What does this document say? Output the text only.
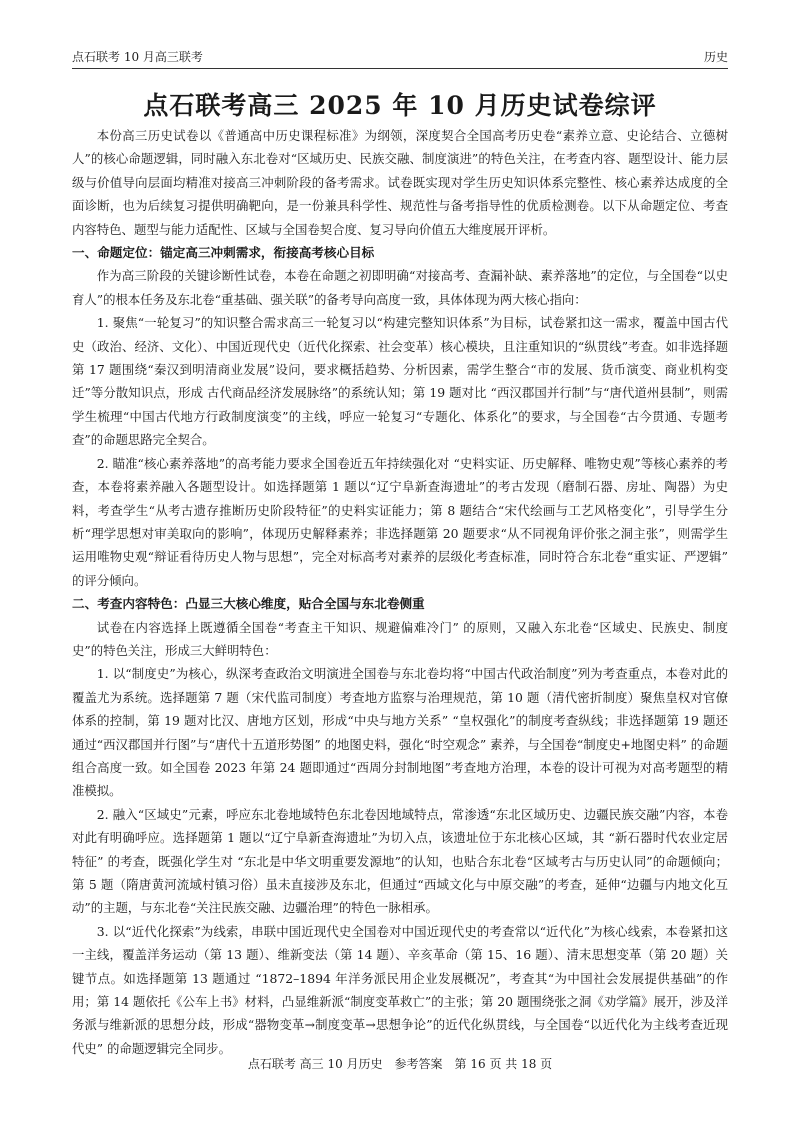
点石联考 10 月高三联考	历史
点石联考高三 2025 年 10 月历史试卷综评

本份高三历史试卷以《普通高中历史课程标准》为纲领，深度契合全国高考历史卷“素养立意、史论结合、立德树人”的核心命题逻辑，同时融入东北卷对“区域历史、民族交融、制度演进”的特色关注，在考查内容、题型设计、能力层级与价值导向层面均精准对接高三冲刺阶段的备考需求。试卷既实现对学生历史知识体系完整性、核心素养达成度的全面诊断，也为后续复习提供明确靶向，是一份兼具科学性、规范性与备考指导性的优质检测卷。以下从命题定位、考查内容特色、题型与能力适配性、区域与全国卷契合度、复习导向价值五大维度展开评析。

一、命题定位：锚定高三冲刺需求，衔接高考核心目标

作为高三阶段的关键诊断性试卷，本卷在命题之初即明确“对接高考、查漏补缺、素养落地”的定位，与全国卷“以史育人”的根本任务及东北卷“重基础、强关联”的备考导向高度一致，具体体现为两大核心指向：

1. 聚焦“一轮复习”的知识整合需求高三一轮复习以“构建完整知识体系”为目标，试卷紧扣这一需求，覆盖中国古代史（政治、经济、文化）、中国近现代史（近代化探索、社会变革）核心模块，且注重知识的“纵贯线”考查。如非选择题第 17 题围绕“秦汉到明清商业发展”设问，要求概括趋势、分析因素，需学生整合“市的发展、货币演变、商业机构变迁”等分散知识点，形成 古代商品经济发展脉络”的系统认知；第 19 题对比 “西汉郡国并行制”与“唐代道州县制”，则需学生梳理“中国古代地方行政制度演变”的主线，呼应一轮复习“专题化、体系化”的要求，与全国卷“古今贯通、专题考查”的命题思路完全契合。

2. 瞄准“核心素养落地”的高考能力要求全国卷近五年持续强化对 “史料实证、历史解释、唯物史观”等核心素养的考查，本卷将素养融入各题型设计。如选择题第 1 题以“辽宁阜新查海遗址”的考古发现（磨制石器、房址、陶器）为史料，考查学生“从考古遗存推断历史阶段特征”的史料实证能力；第 8 题结合“宋代绘画与工艺风格变化”，引导学生分析“理学思想对审美取向的影响”，体现历史解释素养；非选择题第 20 题要求“从不同视角评价张之洞主张”，则需学生运用唯物史观“辩证看待历史人物与思想”，完全对标高考对素养的层级化考查标准，同时符合东北卷“重实证、严逻辑” 的评分倾向。

二、考查内容特色：凸显三大核心维度，贴合全国与东北卷侧重

试卷在内容选择上既遵循全国卷“考查主干知识、规避偏难冷门” 的原则，又融入东北卷“区域史、民族史、制度史”的特色关注，形成三大鲜明特色：

1. 以“制度史”为核心，纵深考查政治文明演进全国卷与东北卷均将“中国古代政治制度”列为考查重点，本卷对此的覆盖尤为系统。选择题第 7 题（宋代监司制度）考查地方监察与治理规范，第 10 题（清代密折制度）聚焦皇权对官僚体系的控制，第 19 题对比汉、唐地方区划，形成“中央与地方关系” “皇权强化”的制度考查纵线；非选择题第 19 题还通过“西汉郡国并行图”与“唐代十五道形势图” 的地图史料，强化“时空观念” 素养，与全国卷“制度史+地图史料” 的命题组合高度一致。如全国卷 2023 年第 24 题即通过“西周分封制地图”考查地方治理，本卷的设计可视为对高考题型的精准模拟。

2. 融入“区域史”元素，呼应东北卷地域特色东北卷因地域特点，常渗透“东北区域历史、边疆民族交融”内容，本卷对此有明确呼应。选择题第 1 题以“辽宁阜新查海遗址”为切入点，该遗址位于东北核心区域，其 “新石器时代农业定居特征” 的考查，既强化学生对 “东北是中华文明重要发源地”的认知，也贴合东北卷“区域考古与历史认同”的命题倾向；第 5 题（隋唐黄河流域村镇习俗）虽未直接涉及东北，但通过“西域文化与中原交融”的考查，延伸“边疆与内地文化互动”的主题，与东北卷“关注民族交融、边疆治理”的特色一脉相承。

3. 以“近代化探索”为线索，串联中国近现代史全国卷对中国近现代史的考查常以“近代化”为核心线索，本卷紧扣这一主线，覆盖洋务运动（第 13 题）、维新变法（第 14 题）、辛亥革命（第 15、16 题）、清末思想变革（第 20 题）关键节点。如选择题第 13 题通过 “1872–1894 年洋务派民用企业发展概况”，考查其“为中国社会发展提供基础”的作用；第 14 题依托《公车上书》材料，凸显维新派“制度变革救亡”的主张；第 20 题围绕张之洞《劝学篇》展开，涉及洋务派与维新派的思想分歧，形成“器物变革→制度变革→思想争论”的近代化纵贯线，与全国卷“以近代化为主线考查近现代史” 的命题逻辑完全同步。

点石联考 高三 10 月历史　参考答案　第 16 页 共 18 页
